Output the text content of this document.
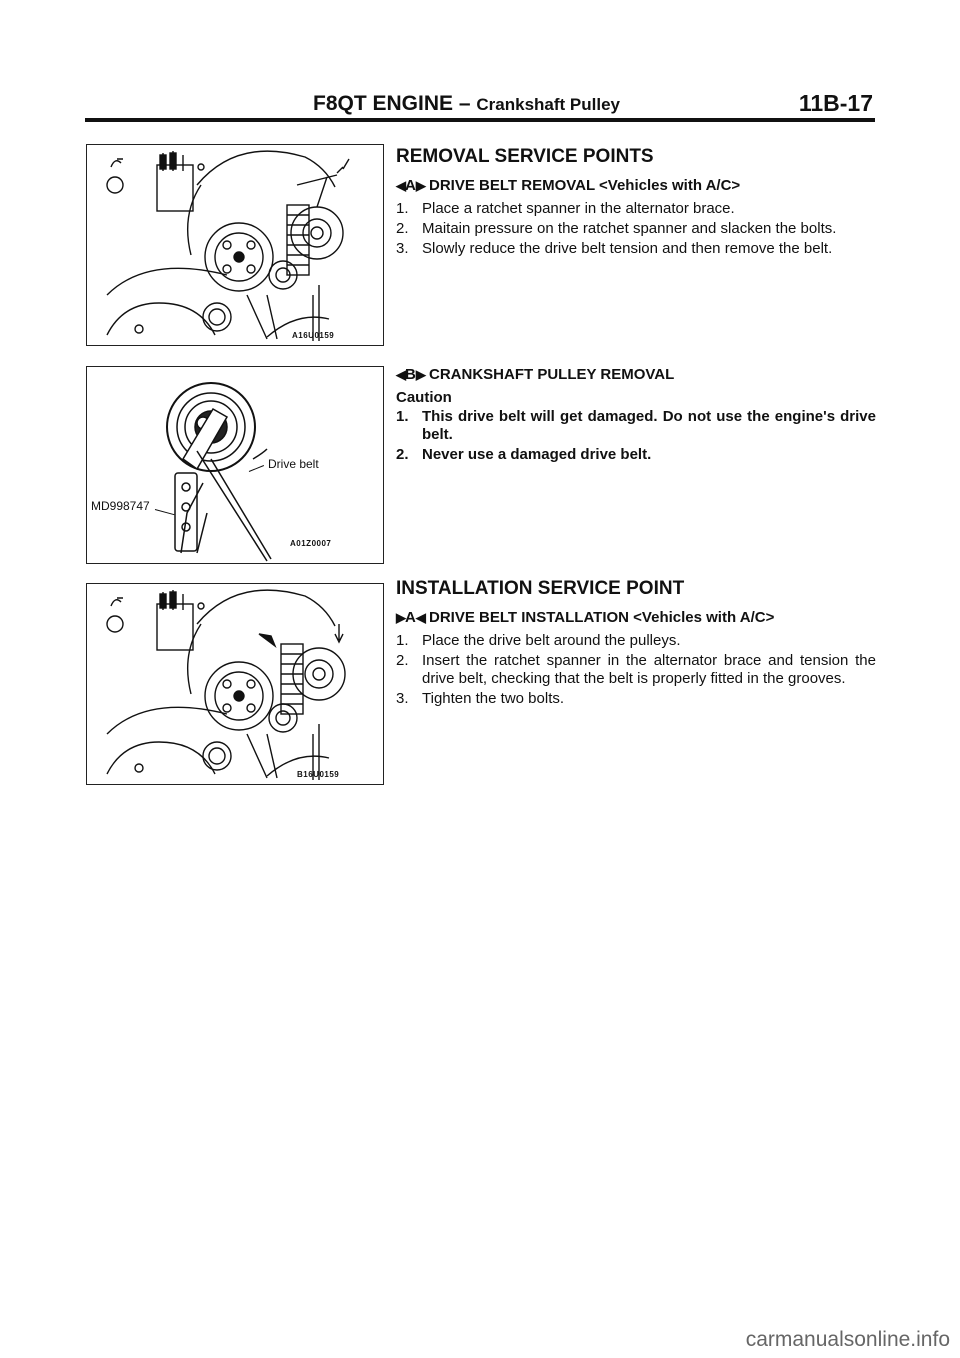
F8QT ENGINE – Crankshaft Pulley	11B-17
A16U0159
Drive belt
MD998747
A01Z0007
B16U0159
REMOVAL SERVICE POINTS
◀A▶ DRIVE BELT REMOVAL <Vehicles with A/C>
1. Place a ratchet spanner in the alternator brace.
2. Maitain pressure on the ratchet spanner and slacken the bolts.
3. Slowly reduce the drive belt tension and then remove the belt.
◀B▶ CRANKSHAFT PULLEY REMOVAL
Caution
1. This drive belt will get damaged. Do not use the engine's drive belt.
2. Never use a damaged drive belt.
INSTALLATION SERVICE POINT
▶A◀ DRIVE BELT INSTALLATION <Vehicles with A/C>
1. Place the drive belt around the pulleys.
2. Insert the ratchet spanner in the alternator brace and tension the drive belt, checking that the belt is properly fitted in the grooves.
3. Tighten the two bolts.
carmanualsonline.info
